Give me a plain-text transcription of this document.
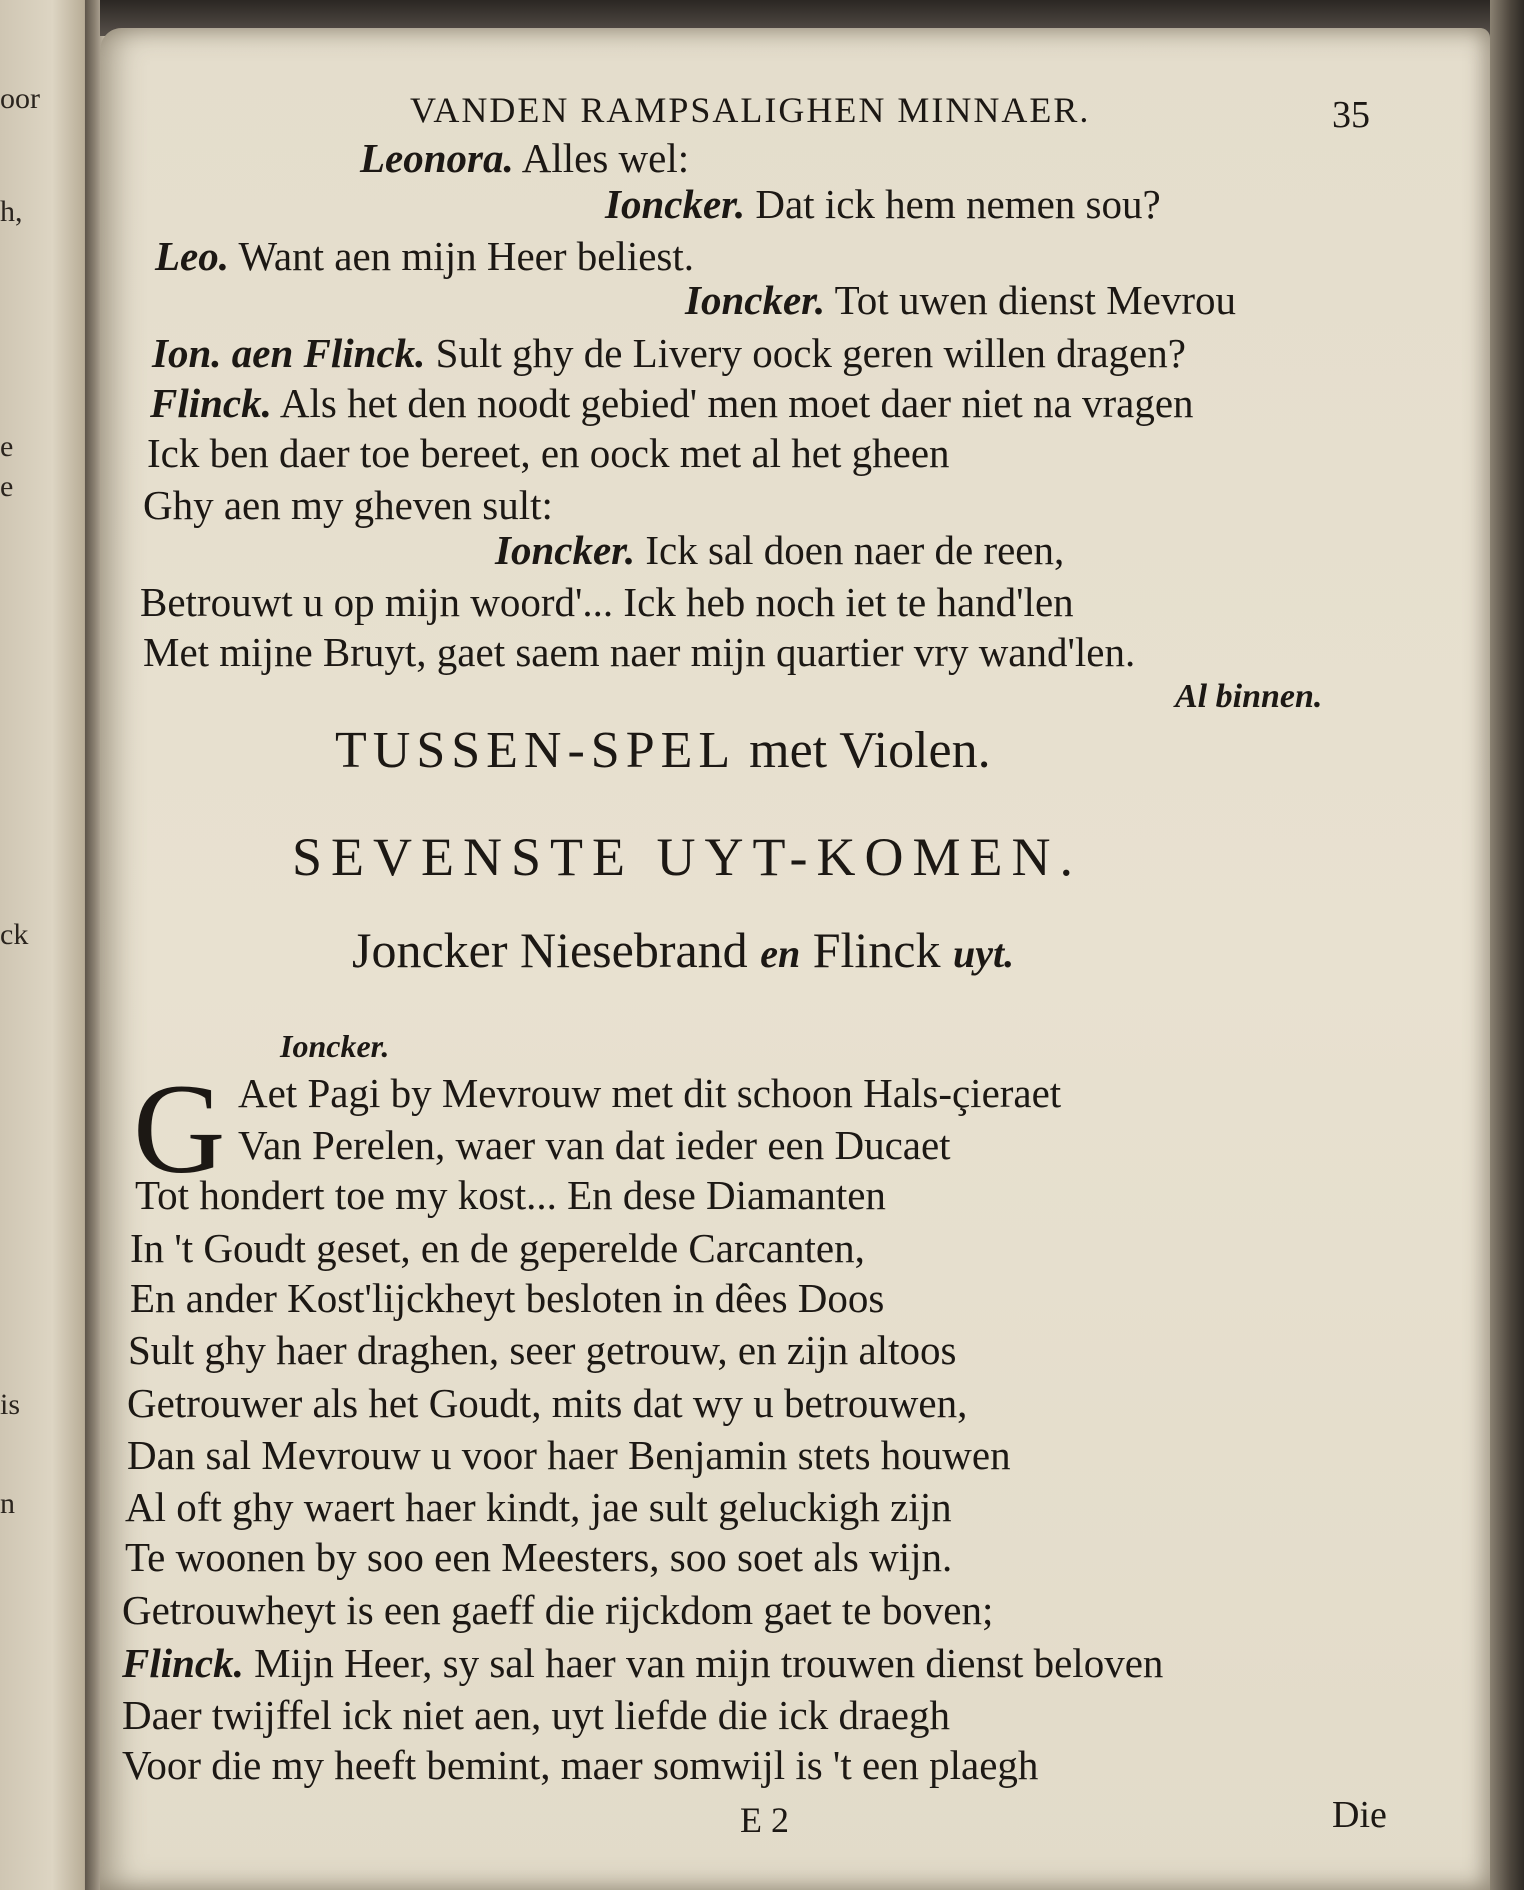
oor
h,
e
e
ck
is
n
VANDEN RAMPSALIGHEN MINNAER.	35
Leonora. Alles wel:
Ioncker. Dat ick hem nemen sou?
Leo. Want aen mijn Heer beliest.
Ioncker. Tot uwen dienst Mevrou
Ion. aen Flinck. Sult ghy de Livery oock geren willen dragen?
Flinck. Als het den noodt gebied' men moet daer niet na vragen
Ick ben daer toe bereet, en oock met al het gheen
Ghy aen my gheven sult:
Ioncker. Ick sal doen naer de reen,
Betrouwt u op mijn woord'... Ick heb noch iet te hand'len
Met mijne Bruyt, gaet saem naer mijn quartier vry wand'len.
Al binnen.
TUSSEN-SPEL met Violen.
SEVENSTE UYT-KOMEN.
Joncker Niesebrand en Flinck uyt.
Ioncker.
G Aet Pagi by Mevrouw met dit schoon Hals-çieraet
Van Perelen, waer van dat ieder een Ducaet
Tot hondert toe my kost... En dese Diamanten
In 't Goudt geset, en de geperelde Carcanten,
En ander Kost'lijckheyt besloten in dêes Doos
Sult ghy haer draghen, seer getrouw, en zijn altoos
Getrouwer als het Goudt, mits dat wy u betrouwen,
Dan sal Mevrouw u voor haer Benjamin stets houwen
Al oft ghy waert haer kindt, jae sult geluckigh zijn
Te woonen by soo een Meesters, soo soet als wijn.
Getrouwheyt is een gaeff die rijckdom gaet te boven;
Flinck. Mijn Heer, sy sal haer van mijn trouwen dienst beloven
Daer twijffel ick niet aen, uyt liefde die ick draegh
Voor die my heeft bemint, maer somwijl is 't een plaegh
E 2	Die
